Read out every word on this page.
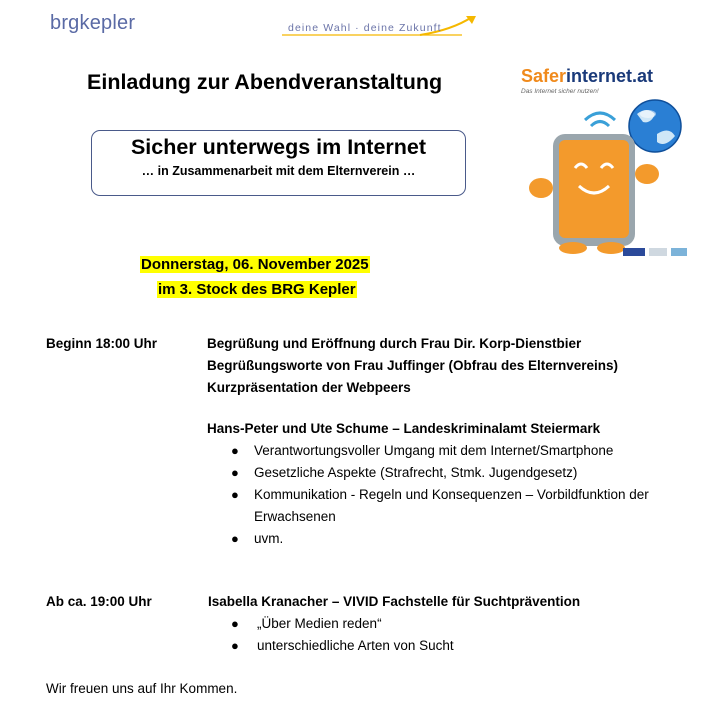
brgkepler	deine Wahl · deine Zukunft
Einladung zur Abendveranstaltung
Sicher unterwegs im Internet
… in Zusammenarbeit mit dem Elternverein …
Saferinternet.at
Das Internet sicher nutzen!
Donnerstag, 06. November 2025
im 3. Stock des BRG Kepler
Beginn 18:00 Uhr	Begrüßung und Eröffnung durch Frau Dir. Korp-Dienstbier
Begrüßungsworte von Frau Juffinger (Obfrau des Elternvereins)
Kurzpräsentation der Webpeers
Hans-Peter und Ute Schume – Landeskriminalamt Steiermark
● Verantwortungsvoller Umgang mit dem Internet/Smartphone
● Gesetzliche Aspekte (Strafrecht, Stmk. Jugendgesetz)
● Kommunikation - Regeln und Konsequenzen – Vorbildfunktion der
Erwachsenen
● uvm.
Ab ca. 19:00 Uhr	Isabella Kranacher – VIVID Fachstelle für Suchtprävention
● „Über Medien reden“
● unterschiedliche Arten von Sucht
Wir freuen uns auf Ihr Kommen.
